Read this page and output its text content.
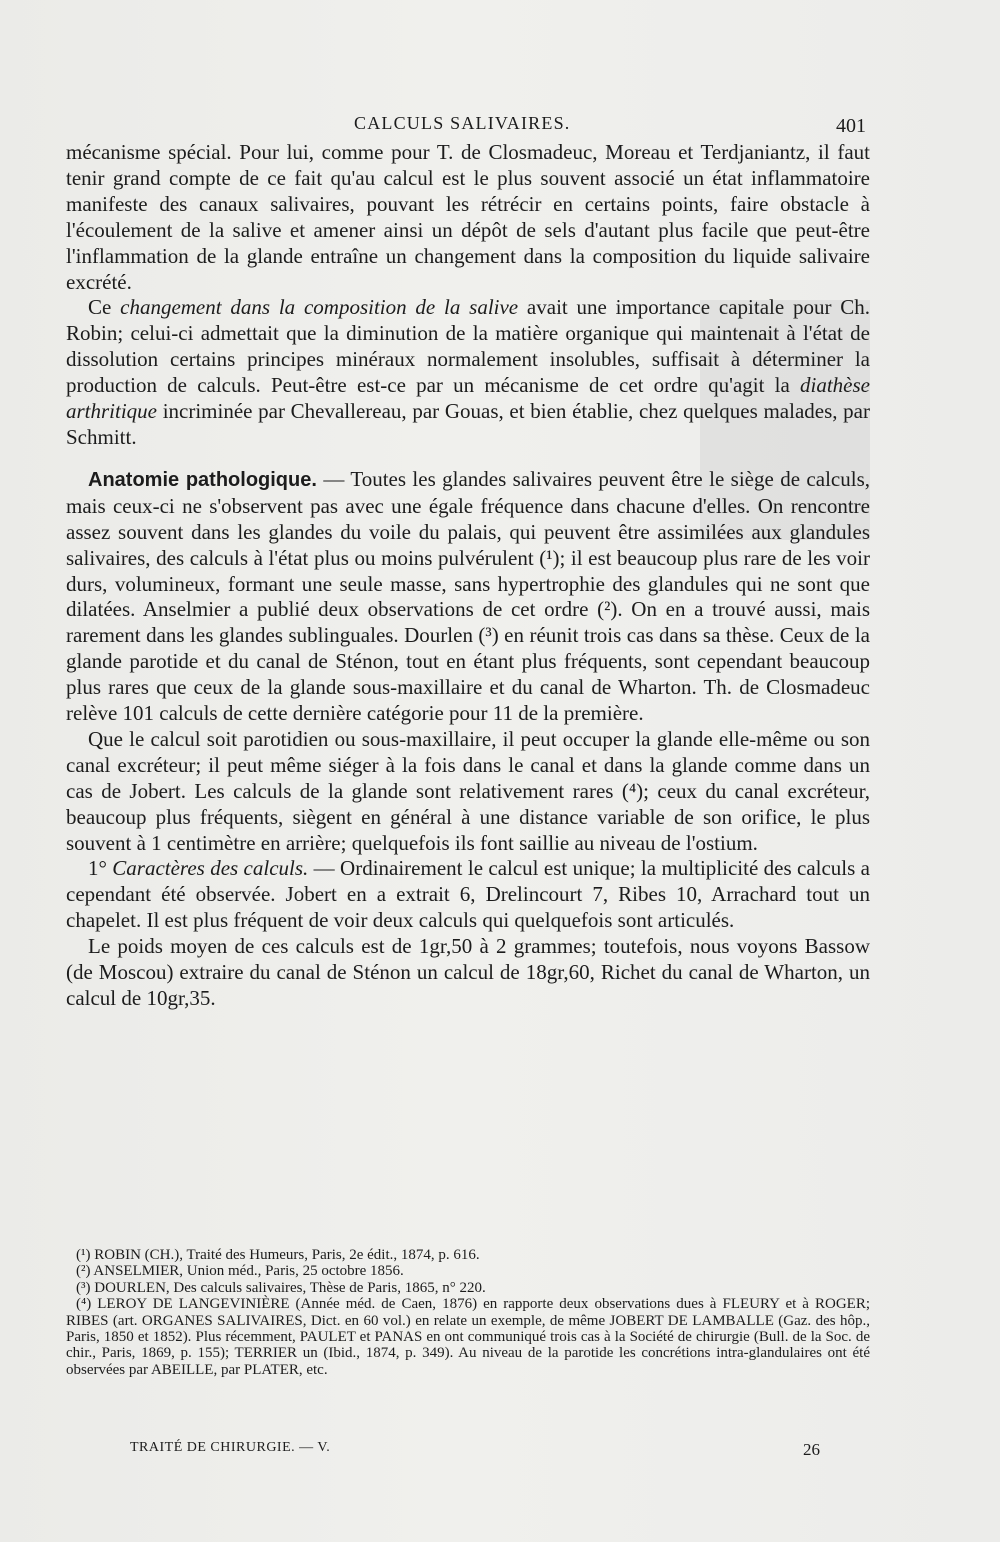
CALCULS SALIVAIRES.	401

mécanisme spécial. Pour lui, comme pour T. de Closmadeuc, Moreau et Terdjaniantz, il faut tenir grand compte de ce fait qu'au calcul est le plus souvent associé un état inflammatoire manifeste des canaux salivaires, pouvant les rétrécir en certains points, faire obstacle à l'écoulement de la salive et amener ainsi un dépôt de sels d'autant plus facile que peut-être l'inflammation de la glande entraîne un changement dans la composition du liquide salivaire excrété.

Ce changement dans la composition de la salive avait une importance capitale pour Ch. Robin; celui-ci admettait que la diminution de la matière organique qui maintenait à l'état de dissolution certains principes minéraux normalement insolubles, suffisait à déterminer la production de calculs. Peut-être est-ce par un mécanisme de cet ordre qu'agit la diathèse arthritique incriminée par Chevallereau, par Gouas, et bien établie, chez quelques malades, par Schmitt.

Anatomie pathologique. — Toutes les glandes salivaires peuvent être le siège de calculs, mais ceux-ci ne s'observent pas avec une égale fréquence dans chacune d'elles. On rencontre assez souvent dans les glandes du voile du palais, qui peuvent être assimilées aux glandules salivaires, des calculs à l'état plus ou moins pulvérulent (¹); il est beaucoup plus rare de les voir durs, volumineux, formant une seule masse, sans hypertrophie des glandules qui ne sont que dilatées. Anselmier a publié deux observations de cet ordre (²). On en a trouvé aussi, mais rarement dans les glandes sublinguales. Dourlen (³) en réunit trois cas dans sa thèse. Ceux de la glande parotide et du canal de Sténon, tout en étant plus fréquents, sont cependant beaucoup plus rares que ceux de la glande sous-maxillaire et du canal de Wharton. Th. de Closmadeuc relève 101 calculs de cette dernière catégorie pour 11 de la première.

Que le calcul soit parotidien ou sous-maxillaire, il peut occuper la glande elle-même ou son canal excréteur; il peut même siéger à la fois dans le canal et dans la glande comme dans un cas de Jobert. Les calculs de la glande sont relativement rares (⁴); ceux du canal excréteur, beaucoup plus fréquents, siègent en général à une distance variable de son orifice, le plus souvent à 1 centimètre en arrière; quelquefois ils font saillie au niveau de l'ostium.

1° Caractères des calculs. — Ordinairement le calcul est unique; la multiplicité des calculs a cependant été observée. Jobert en a extrait 6, Drelincourt 7, Ribes 10, Arrachard tout un chapelet. Il est plus fréquent de voir deux calculs qui quelquefois sont articulés.

Le poids moyen de ces calculs est de 1gr,50 à 2 grammes; toutefois, nous voyons Bassow (de Moscou) extraire du canal de Sténon un calcul de 18gr,60, Richet du canal de Wharton, un calcul de 10gr,35.

(¹) ROBIN (CH.), Traité des Humeurs, Paris, 2e édit., 1874, p. 616.

(²) ANSELMIER, Union méd., Paris, 25 octobre 1856.

(³) DOURLEN, Des calculs salivaires, Thèse de Paris, 1865, n° 220.

(⁴) LEROY DE LANGEVINIÈRE (Année méd. de Caen, 1876) en rapporte deux observations dues à FLEURY et à ROGER; RIBES (art. ORGANES SALIVAIRES, Dict. en 60 vol.) en relate un exemple, de même JOBERT DE LAMBALLE (Gaz. des hôp., Paris, 1850 et 1852). Plus récemment, PAULET et PANAS en ont communiqué trois cas à la Société de chirurgie (Bull. de la Soc. de chir., Paris, 1869, p. 155); TERRIER un (Ibid., 1874, p. 349). Au niveau de la parotide les concrétions intra-glandulaires ont été observées par ABEILLE, par PLATER, etc.

TRAITÉ DE CHIRURGIE. — V.	26
